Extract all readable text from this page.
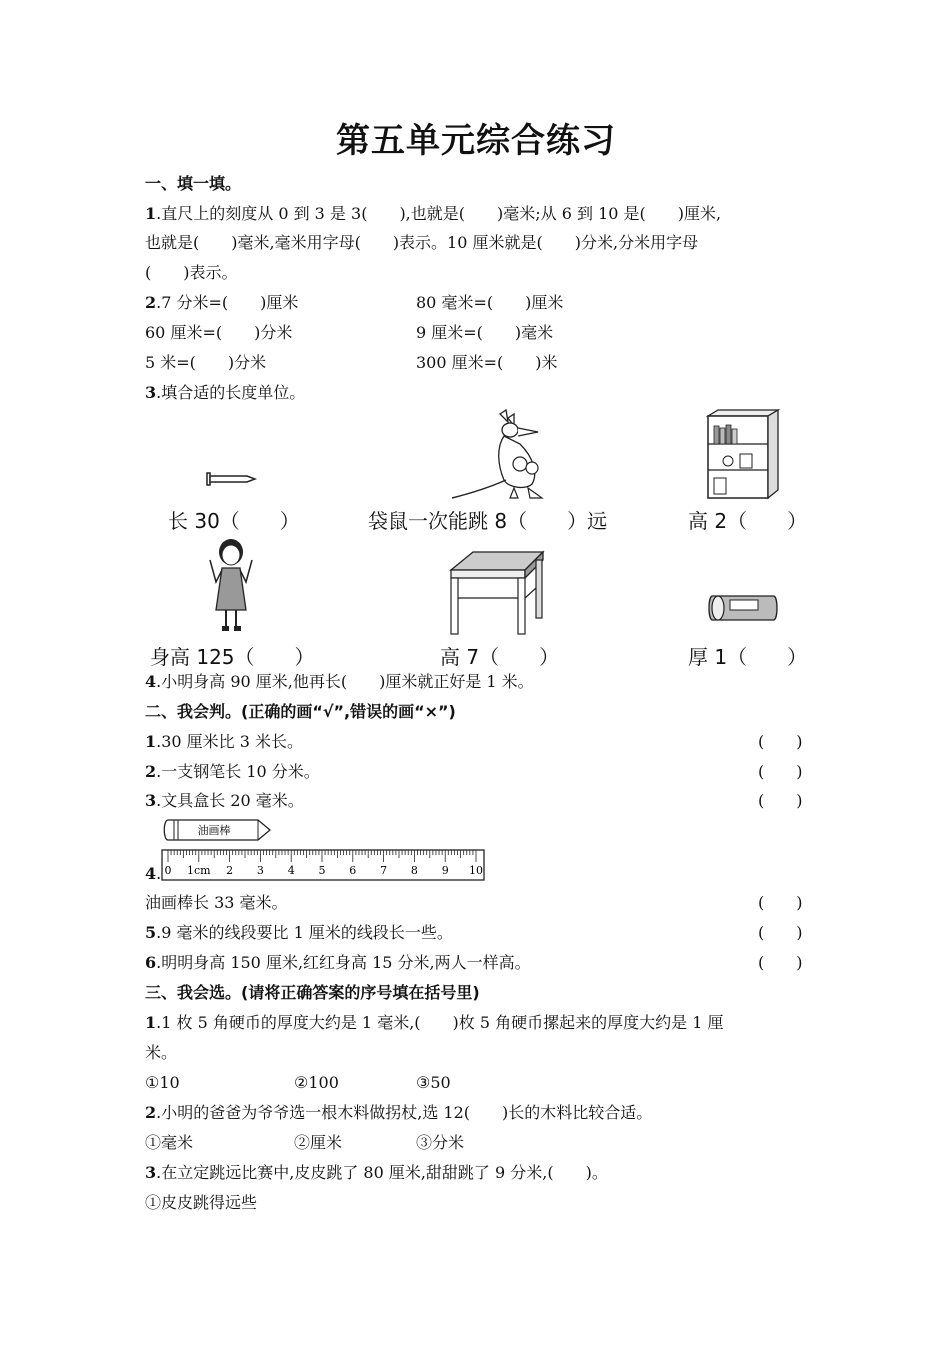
第五单元综合练习
一、填一填。
1.直尺上的刻度从 0 到 3 是 3(　　),也就是(　　)毫米;从 6 到 10 是(　　)厘米,
也就是(　　)毫米,毫米用字母(　　)表示。10 厘米就是(　　)分米,分米用字母
(　　)表示。
2.7 分米=(　　)厘米	80 毫米=(　　)厘米
60 厘米=(　　)分米	9 厘米=(　　)毫米
5 米=(　　)分米	300 厘米=(　　)米
3.填合适的长度单位。
长 30（　　）	袋鼠一次能跳 8（　　）远	高 2（　　）
身高 125（　　）	高 7（　　）	厚 1（　　）
4.小明身高 90 厘米,他再长(　　)厘米就正好是 1 米。
二、我会判。(正确的画“√”,错误的画“×”)
1.30 厘米比 3 米长。	(　　)
2.一支钢笔长 10 分米。	(　　)
3.文具盒长 20 毫米。	(　　)
油画棒
0 1cm 2 3 4 5 6 7 8 9 10
4.
油画棒长 33 毫米。	(　　)
5.9 毫米的线段要比 1 厘米的线段长一些。	(　　)
6.明明身高 150 厘米,红红身高 15 分米,两人一样高。	(　　)
三、我会选。(请将正确答案的序号填在括号里)
1.1 枚 5 角硬币的厚度大约是 1 毫米,(　　)枚 5 角硬币摞起来的厚度大约是 1 厘
米。
①10	②100	③50
2.小明的爸爸为爷爷选一根木料做拐杖,选 12(　　)长的木料比较合适。
①毫米	②厘米	③分米
3.在立定跳远比赛中,皮皮跳了 80 厘米,甜甜跳了 9 分米,(　　)。
①皮皮跳得远些
